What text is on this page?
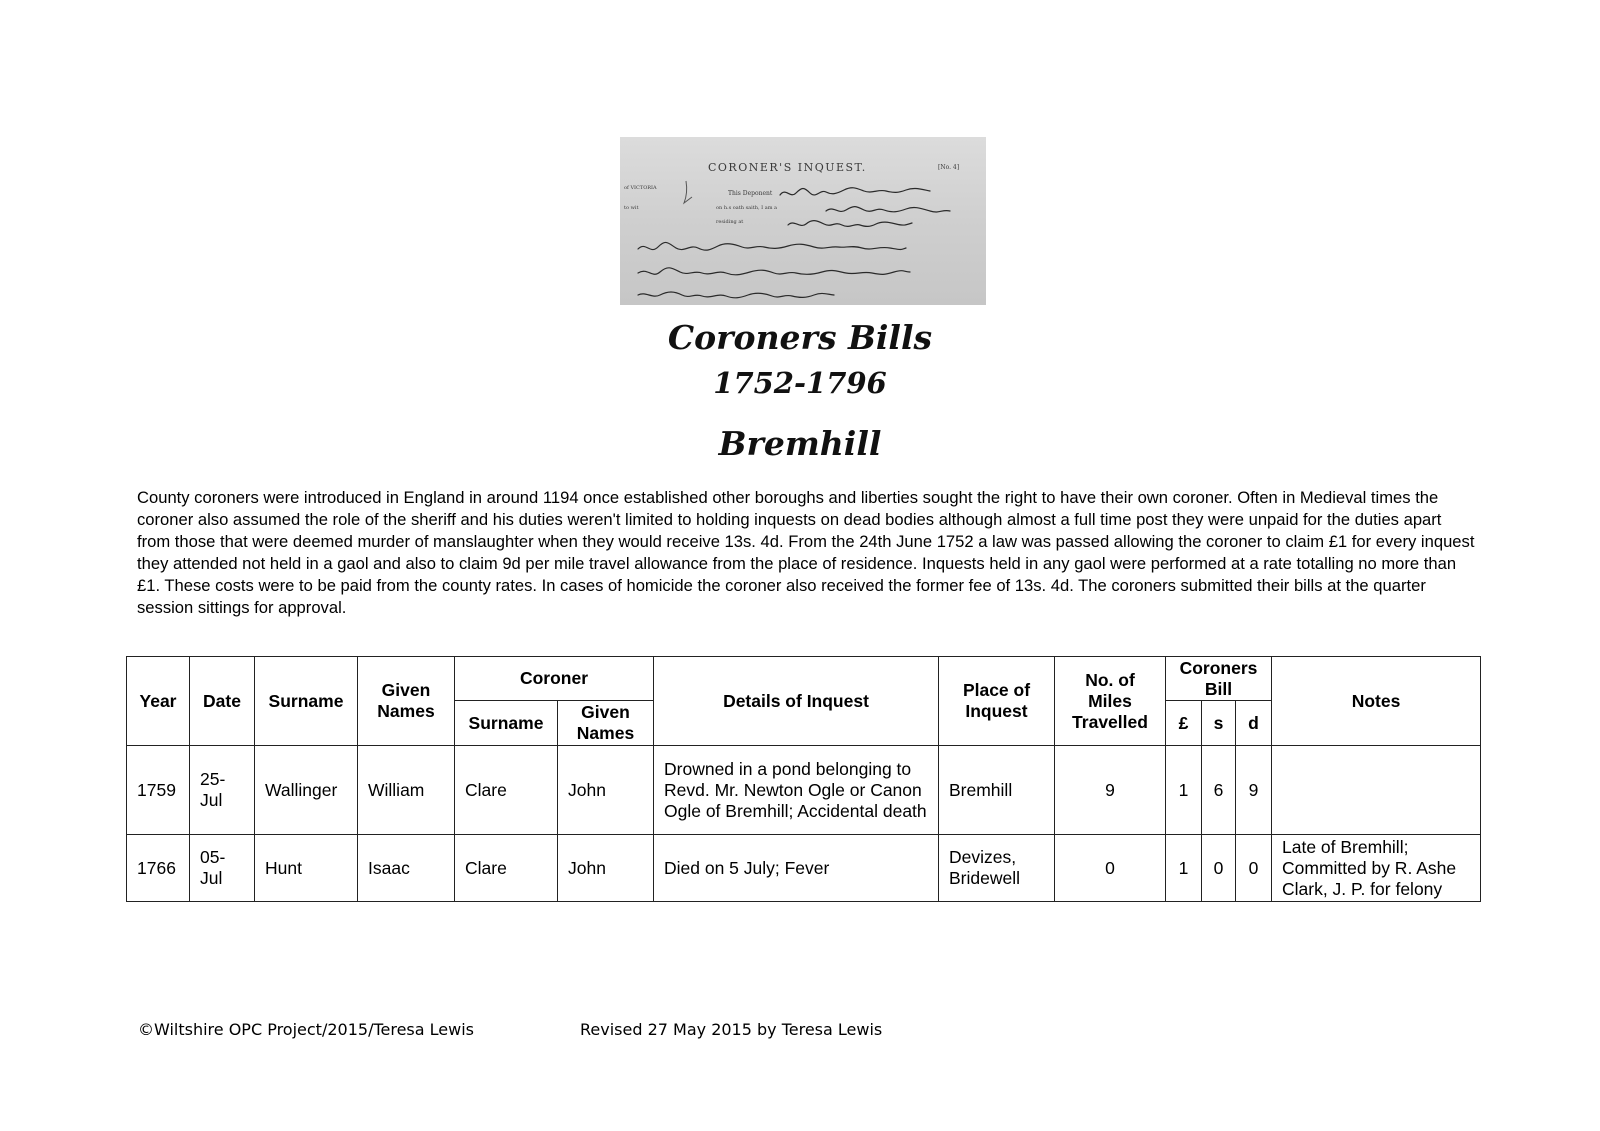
CORONER'S INQUEST.	[No. 4]
of VICTORIA
to wit
This Deponent
on h.s oath saith, I am a
residing at
Coroners Bills
1752-1796
Bremhill

County coroners were introduced in England in around 1194 once established other boroughs and liberties sought the right to have their own coroner. Often in Medieval times the coroner also assumed the role of the sheriff and his duties weren't limited to holding inquests on dead bodies although almost a full time post they were unpaid for the duties apart from those that were deemed murder of manslaughter when they would receive 13s. 4d. From the 24th June 1752 a law was passed allowing the coroner to claim £1 for every inquest they attended not held in a gaol and also to claim 9d per mile travel allowance from the place of residence. Inquests held in any gaol were performed at a rate totalling no more than £1. These costs were to be paid from the county rates. In cases of homicide the coroner also received the former fee of 13s. 4d. The coroners submitted their bills at the quarter session sittings for approval.

Year	Date	Surname	Given Names	Coroner		Details of Inquest	Place of Inquest	No. of Miles Travelled	Coroners Bill			Notes
				Surname	Given Names				£	s	d	
1759	25-Jul	Wallinger	William	Clare	John	Drowned in a pond belonging to Revd. Mr. Newton Ogle or Canon Ogle of Bremhill; Accidental death	Bremhill	9	1	6	9	
1766	05-Jul	Hunt	Isaac	Clare	John	Died on 5 July; Fever	Devizes, Bridewell	0	1	0	0	Late of Bremhill; Committed by R. Ashe Clark, J. P. for felony
©Wiltshire OPC Project/2015/Teresa Lewis	Revised 27 May 2015 by Teresa Lewis
